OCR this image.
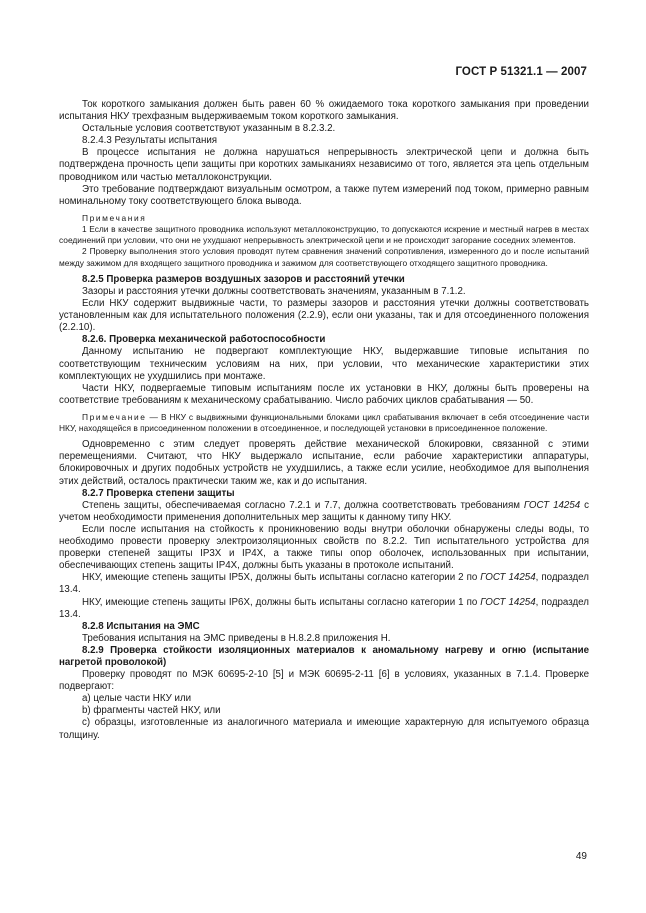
ГОСТ Р 51321.1 — 2007

Ток короткого замыкания должен быть равен 60 % ожидаемого тока короткого замыкания при проведении испытания НКУ трехфазным выдерживаемым током короткого замыкания.

Остальные условия соответствуют указанным в 8.2.3.2.

8.2.4.3 Результаты испытания

В процессе испытания не должна нарушаться непрерывность электрической цепи и должна быть подтверждена прочность цепи защиты при коротких замыканиях независимо от того, является эта цепь отдельным проводником или частью металлоконструкции.

Это требование подтверждают визуальным осмотром, а также путем измерений под током, примерно равным номинальному току соответствующего блока вывода.

Примечания

1 Если в качестве защитного проводника используют металлоконструкцию, то допускаются искрение и местный нагрев в местах соединений при условии, что они не ухудшают непрерывность электрической цепи и не происходит загорание соседних элементов.

2 Проверку выполнения этого условия проводят путем сравнения значений сопротивления, измеренного до и после испытаний между зажимом для входящего защитного проводника и зажимом для соответствующего отходящего защитного проводника.

8.2.5 Проверка размеров воздушных зазоров и расстояний утечки

Зазоры и расстояния утечки должны соответствовать значениям, указанным в 7.1.2.

Если НКУ содержит выдвижные части, то размеры зазоров и расстояния утечки должны соответствовать установленным как для испытательного положения (2.2.9), если они указаны, так и для отсоединенного положения (2.2.10).

8.2.6. Проверка механической работоспособности

Данному испытанию не подвергают комплектующие НКУ, выдержавшие типовые испытания по соответствующим техническим условиям на них, при условии, что механические характеристики этих комплектующих не ухудшились при монтаже.

Части НКУ, подвергаемые типовым испытаниям после их установки в НКУ, должны быть проверены на соответствие требованиям к механическому срабатыванию. Число рабочих циклов срабатывания — 50.

Примечание — В НКУ с выдвижными функциональными блоками цикл срабатывания включает в себя отсоединение части НКУ, находящейся в присоединенном положении в отсоединенное, и последующей установки в присоединенное положение.

Одновременно с этим следует проверять действие механической блокировки, связанной с этими перемещениями. Считают, что НКУ выдержало испытание, если рабочие характеристики аппаратуры, блокировочных и других подобных устройств не ухудшились, а также если усилие, необходимое для выполнения этих действий, осталось практически таким же, как и до испытания.

8.2.7 Проверка степени защиты

Степень защиты, обеспечиваемая согласно 7.2.1 и 7.7, должна соответствовать требованиям ГОСТ 14254 с учетом необходимости применения дополнительных мер защиты к данному типу НКУ.

Если после испытания на стойкость к проникновению воды внутри оболочки обнаружены следы воды, то необходимо провести проверку электроизоляционных свойств по 8.2.2. Тип испытательного устройства для проверки степеней защиты IP3X и IP4X, а также типы опор оболочек, использованных при испытании, обеспечивающих степень защиты IP4X, должны быть указаны в протоколе испытаний.

НКУ, имеющие степень защиты IP5X, должны быть испытаны согласно категории 2 по ГОСТ 14254, подраздел 13.4.

НКУ, имеющие степень защиты IP6X, должны быть испытаны согласно категории 1 по ГОСТ 14254, подраздел 13.4.

8.2.8 Испытания на ЭМС

Требования испытания на ЭМС приведены в Н.8.2.8 приложения Н.

8.2.9 Проверка стойкости изоляционных материалов к аномальному нагреву и огню (испытание нагретой проволокой)

Проверку проводят по МЭК 60695-2-10 [5] и МЭК 60695-2-11 [6] в условиях, указанных в 7.1.4. Проверке подвергают:

а) целые части НКУ или

b) фрагменты частей НКУ, или

с) образцы, изготовленные из аналогичного материала и имеющие характерную для испытуемого образца толщину.

49
